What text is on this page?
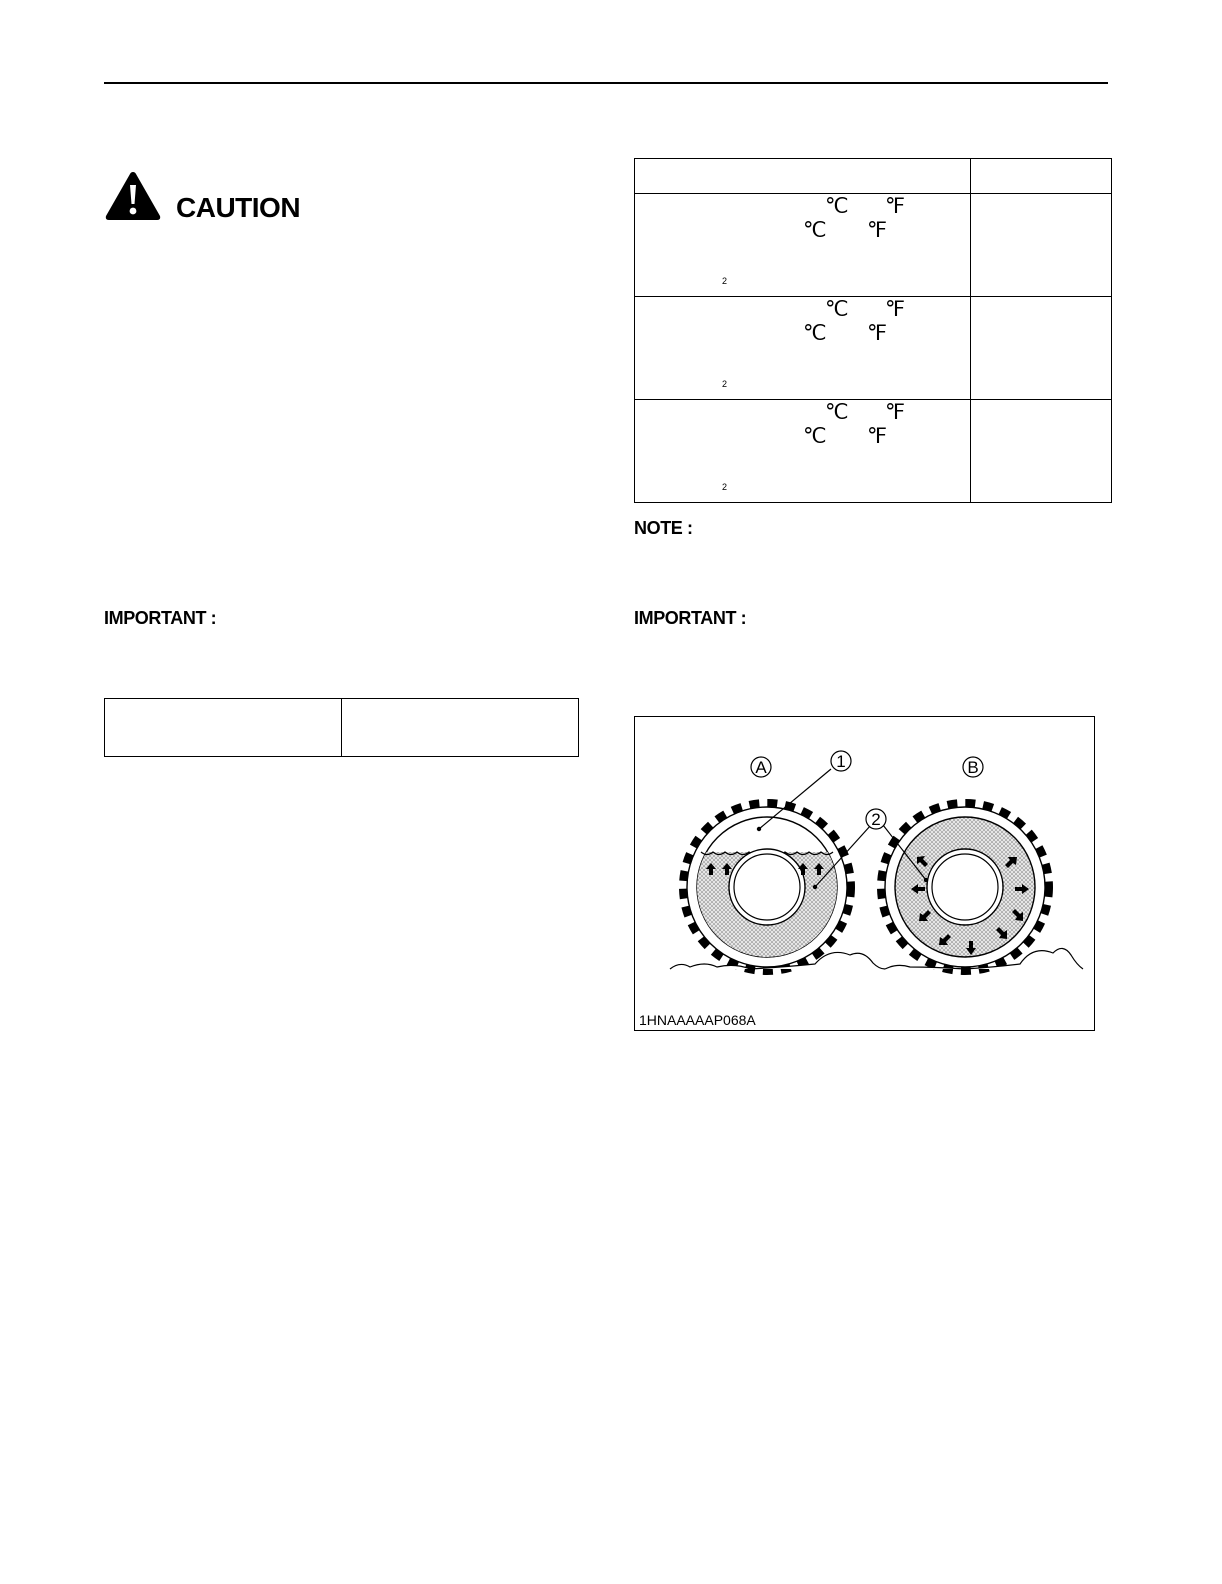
CAUTION
IMPORTANT :

℃ ℉
℃ ℉
2	

℃ ℉
℃ ℉
2	

℃ ℉
℃ ℉
2	

NOTE :
IMPORTANT :
A	1
2
B
1HNAAAAAP068A
